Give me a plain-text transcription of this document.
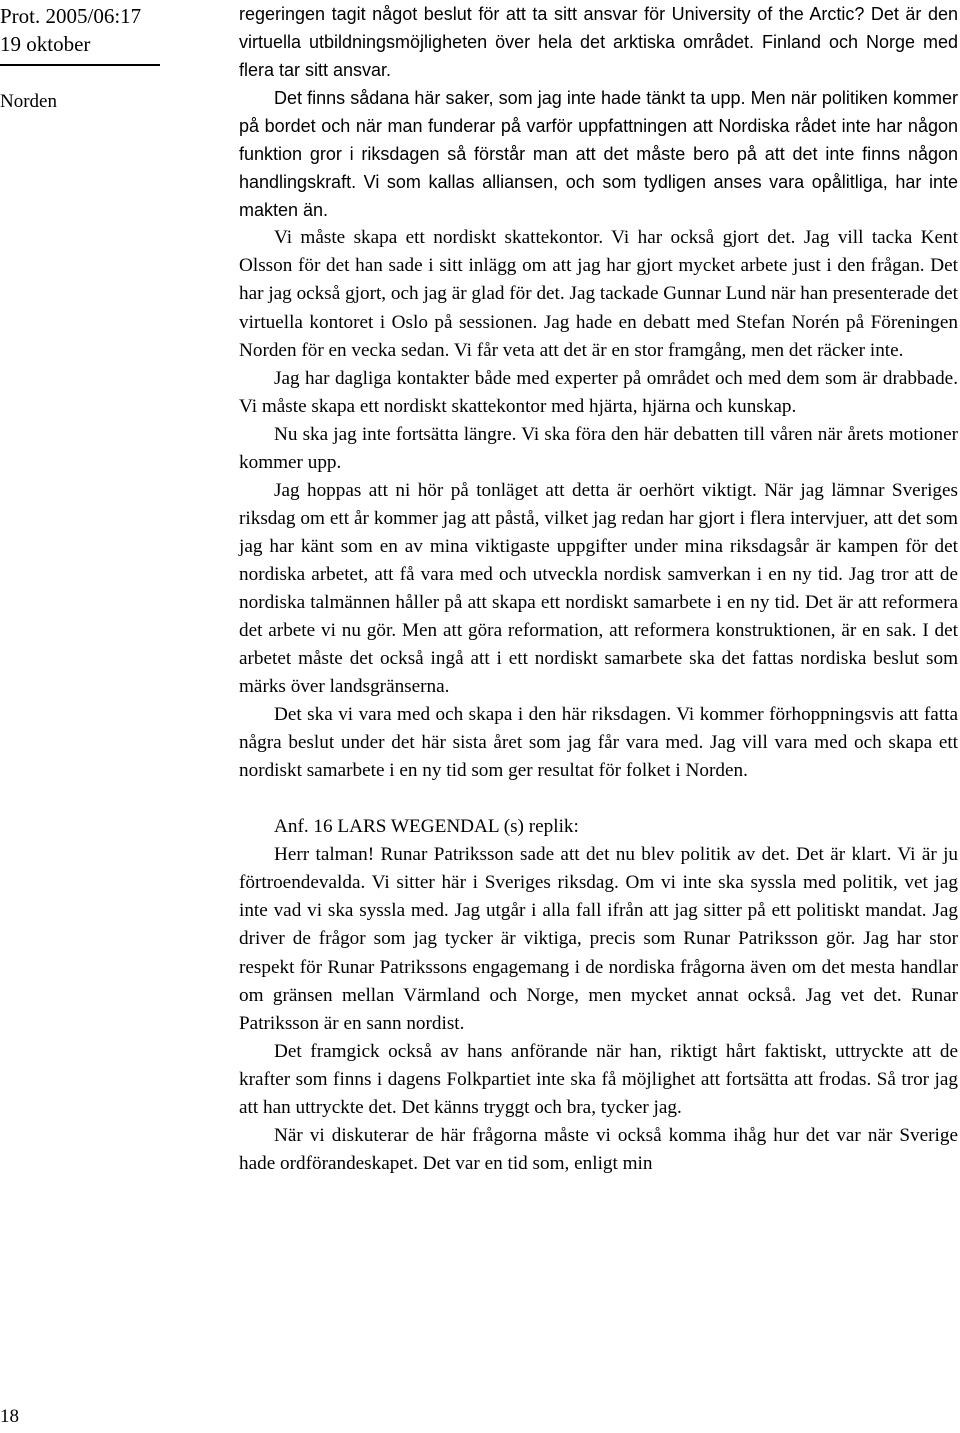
Prot. 2005/06:17
19 oktober
Norden
18

regeringen tagit något beslut för att ta sitt ansvar för University of the Arctic? Det är den virtuella utbildningsmöjligheten över hela det arktiska området. Finland och Norge med flera tar sitt ansvar.

Det finns sådana här saker, som jag inte hade tänkt ta upp. Men när politiken kommer på bordet och när man funderar på varför uppfattningen att Nordiska rådet inte har någon funktion gror i riksdagen så förstår man att det måste bero på att det inte finns någon handlingskraft. Vi som kallas alliansen, och som tydligen anses vara opålitliga, har inte makten än.

Vi måste skapa ett nordiskt skattekontor. Vi har också gjort det. Jag vill tacka Kent Olsson för det han sade i sitt inlägg om att jag har gjort mycket arbete just i den frågan. Det har jag också gjort, och jag är glad för det. Jag tackade Gunnar Lund när han presenterade det virtuella kontoret i Oslo på sessionen. Jag hade en debatt med Stefan Norén på Föreningen Norden för en vecka sedan. Vi får veta att det är en stor framgång, men det räcker inte.

Jag har dagliga kontakter både med experter på området och med dem som är drabbade. Vi måste skapa ett nordiskt skattekontor med hjärta, hjärna och kunskap.

Nu ska jag inte fortsätta längre. Vi ska föra den här debatten till våren när årets motioner kommer upp.

Jag hoppas att ni hör på tonläget att detta är oerhört viktigt. När jag lämnar Sveriges riksdag om ett år kommer jag att påstå, vilket jag redan har gjort i flera intervjuer, att det som jag har känt som en av mina viktigaste uppgifter under mina riksdagsår är kampen för det nordiska arbetet, att få vara med och utveckla nordisk samverkan i en ny tid. Jag tror att de nordiska talmännen håller på att skapa ett nordiskt samarbete i en ny tid. Det är att reformera det arbete vi nu gör. Men att göra reformation, att reformera konstruktionen, är en sak. I det arbetet måste det också ingå att i ett nordiskt samarbete ska det fattas nordiska beslut som märks över landsgränserna.

Det ska vi vara med och skapa i den här riksdagen. Vi kommer förhoppningsvis att fatta några beslut under det här sista året som jag får vara med. Jag vill vara med och skapa ett nordiskt samarbete i en ny tid som ger resultat för folket i Norden.

Anf. 16 LARS WEGENDAL (s) replik:

Herr talman! Runar Patriksson sade att det nu blev politik av det. Det är klart. Vi är ju förtroendevalda. Vi sitter här i Sveriges riksdag. Om vi inte ska syssla med politik, vet jag inte vad vi ska syssla med. Jag utgår i alla fall ifrån att jag sitter på ett politiskt mandat. Jag driver de frågor som jag tycker är viktiga, precis som Runar Patriksson gör. Jag har stor respekt för Runar Patrikssons engagemang i de nordiska frågorna även om det mesta handlar om gränsen mellan Värmland och Norge, men mycket annat också. Jag vet det. Runar Patriksson är en sann nordist.

Det framgick också av hans anförande när han, riktigt hårt faktiskt, uttryckte att de krafter som finns i dagens Folkpartiet inte ska få möjlighet att fortsätta att frodas. Så tror jag att han uttryckte det. Det känns tryggt och bra, tycker jag.

När vi diskuterar de här frågorna måste vi också komma ihåg hur det var när Sverige hade ordförandeskapet. Det var en tid som, enligt min
